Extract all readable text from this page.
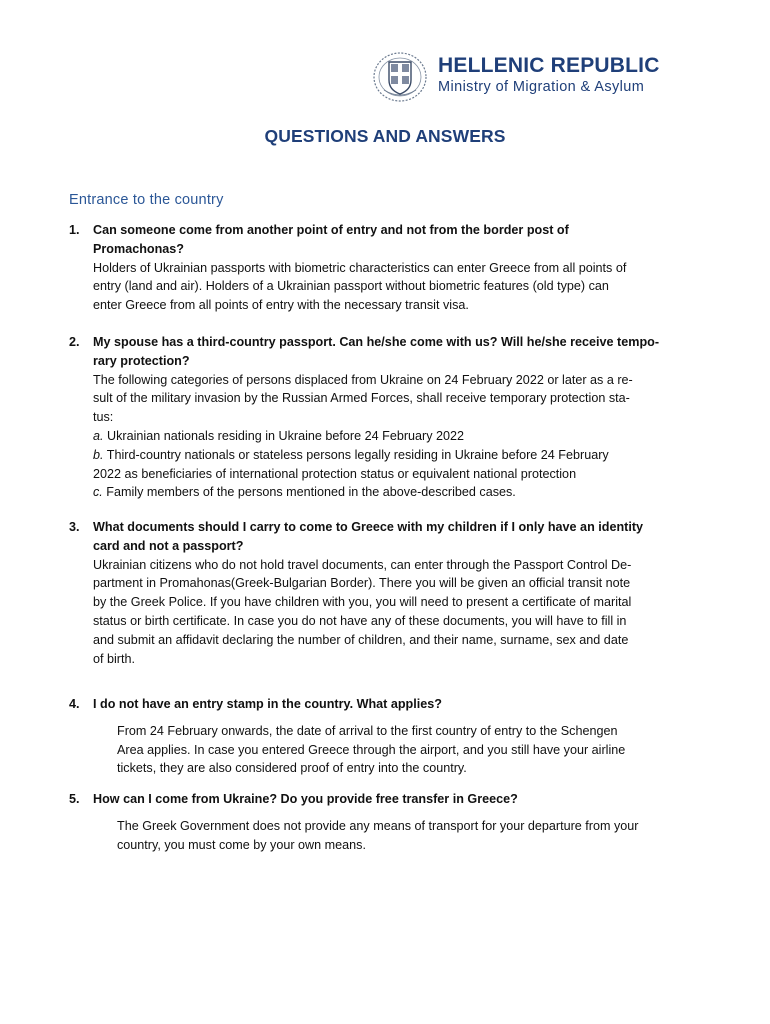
HELLENIC REPUBLIC
Ministry of Migration & Asylum
QUESTIONS AND ANSWERS
Entrance to the country
1. Can someone come from another point of entry and not from the border post of
Promachonas?
Holders of Ukrainian passports with biometric characteristics can enter Greece from all points of
entry (land and air). Holders of a Ukrainian passport without biometric features (old type) can
enter Greece from all points of entry with the necessary transit visa.
2. My spouse has a third-country passport. Can he/she come with us? Will he/she receive tempo-
rary protection?
The following categories of persons displaced from Ukraine on 24 February 2022 or later as a re-
sult of the military invasion by the Russian Armed Forces, shall receive temporary protection sta-
tus:
a. Ukrainian nationals residing in Ukraine before 24 February 2022
b. Third-country nationals or stateless persons legally residing in Ukraine before 24 February
2022 as beneficiaries of international protection status or equivalent national protection
c. Family members of the persons mentioned in the above-described cases.
3. What documents should I carry to come to Greece with my children if I only have an identity
card and not a passport?
Ukrainian citizens who do not hold travel documents, can enter through the Passport Control De-
partment in Promahonas(Greek-Bulgarian Border). There you will be given an official transit note
by the Greek Police. If you have children with you, you will need to present a certificate of marital
status or birth certificate. In case you do not have any of these documents, you will have to fill in
and submit an affidavit declaring the number of children, and their name, surname, sex and date
of birth.
4. I do not have an entry stamp in the country. What applies?
From 24 February onwards, the date of arrival to the first country of entry to the Schengen
Area applies. In case you entered Greece through the airport, and you still have your airline
tickets, they are also considered proof of entry into the country.
5. How can I come from Ukraine? Do you provide free transfer in Greece?
The Greek Government does not provide any means of transport for your departure from your
country, you must come by your own means.
